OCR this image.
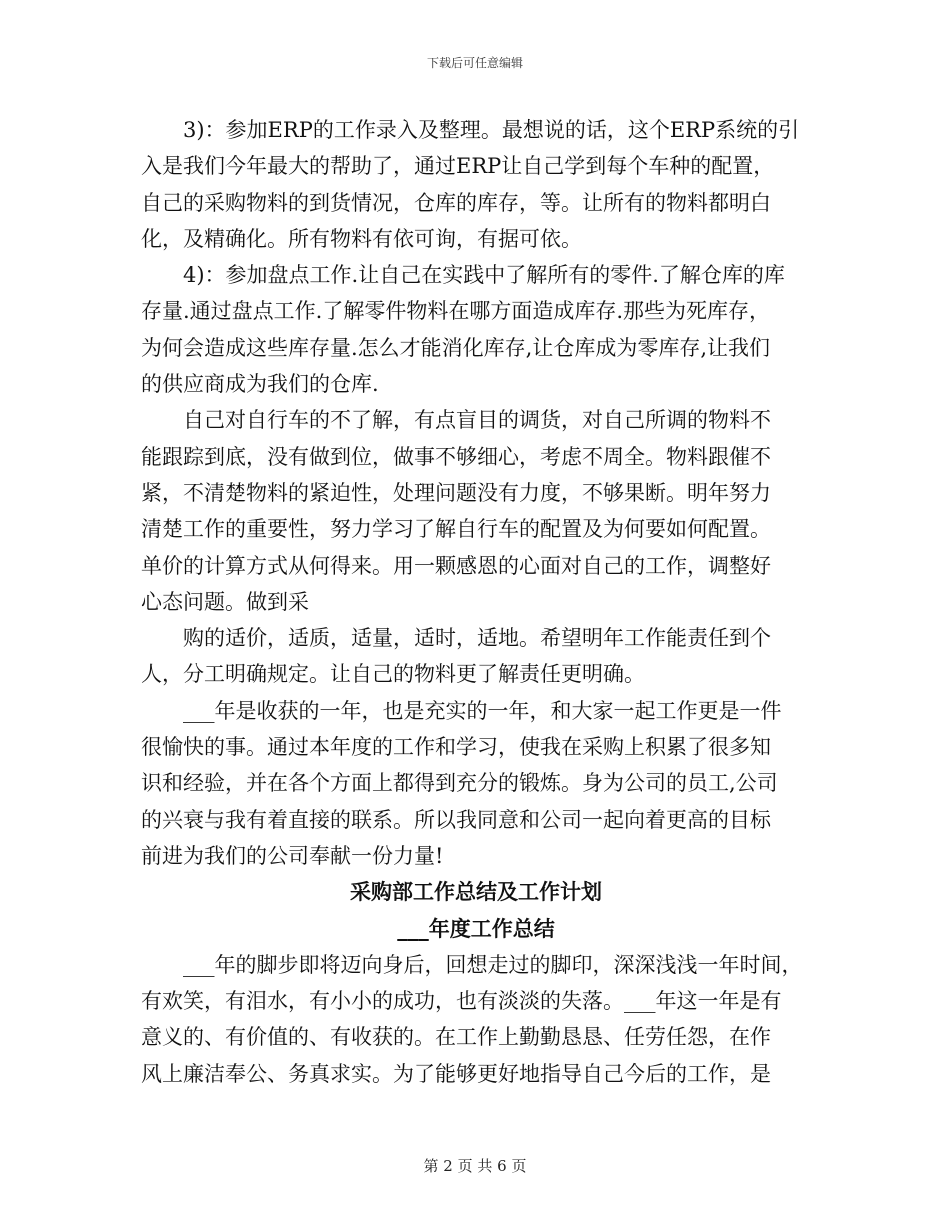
下载后可任意编辑
3)：参加ERP的工作录入及整理。最想说的话，这个ERP系统的引
入是我们今年最大的帮助了，通过ERP让自己学到每个车种的配置，
自己的采购物料的到货情况，仓库的库存，等。让所有的物料都明白
化，及精确化。所有物料有依可询，有据可依。
4)：参加盘点工作.让自己在实践中了解所有的零件.了解仓库的库
存量.通过盘点工作.了解零件物料在哪方面造成库存.那些为死库存，
为何会造成这些库存量.怎么才能消化库存,让仓库成为零库存,让我们
的供应商成为我们的仓库.
自己对自行车的不了解，有点盲目的调货，对自己所调的物料不
能跟踪到底，没有做到位，做事不够细心，考虑不周全。物料跟催不
紧，不清楚物料的紧迫性，处理问题没有力度，不够果断。明年努力
清楚工作的重要性，努力学习了解自行车的配置及为何要如何配置。
单价的计算方式从何得来。用一颗感恩的心面对自己的工作，调整好
心态问题。做到采
购的适价，适质，适量，适时，适地。希望明年工作能责任到个
人，分工明确规定。让自己的物料更了解责任更明确。
___年是收获的一年，也是充实的一年，和大家一起工作更是一件
很愉快的事。通过本年度的工作和学习，使我在采购上积累了很多知
识和经验，并在各个方面上都得到充分的锻炼。身为公司的员工,公司
的兴衰与我有着直接的联系。所以我同意和公司一起向着更高的目标
前进为我们的公司奉献一份力量!
采购部工作总结及工作计划
___年度工作总结
___年的脚步即将迈向身后，回想走过的脚印，深深浅浅一年时间，
有欢笑，有泪水，有小小的成功，也有淡淡的失落。___年这一年是有
意义的、有价值的、有收获的。在工作上勤勤恳恳、任劳任怨，在作
风上廉洁奉公、务真求实。为了能够更好地指导自己今后的工作，是
第 2 页 共 6 页
